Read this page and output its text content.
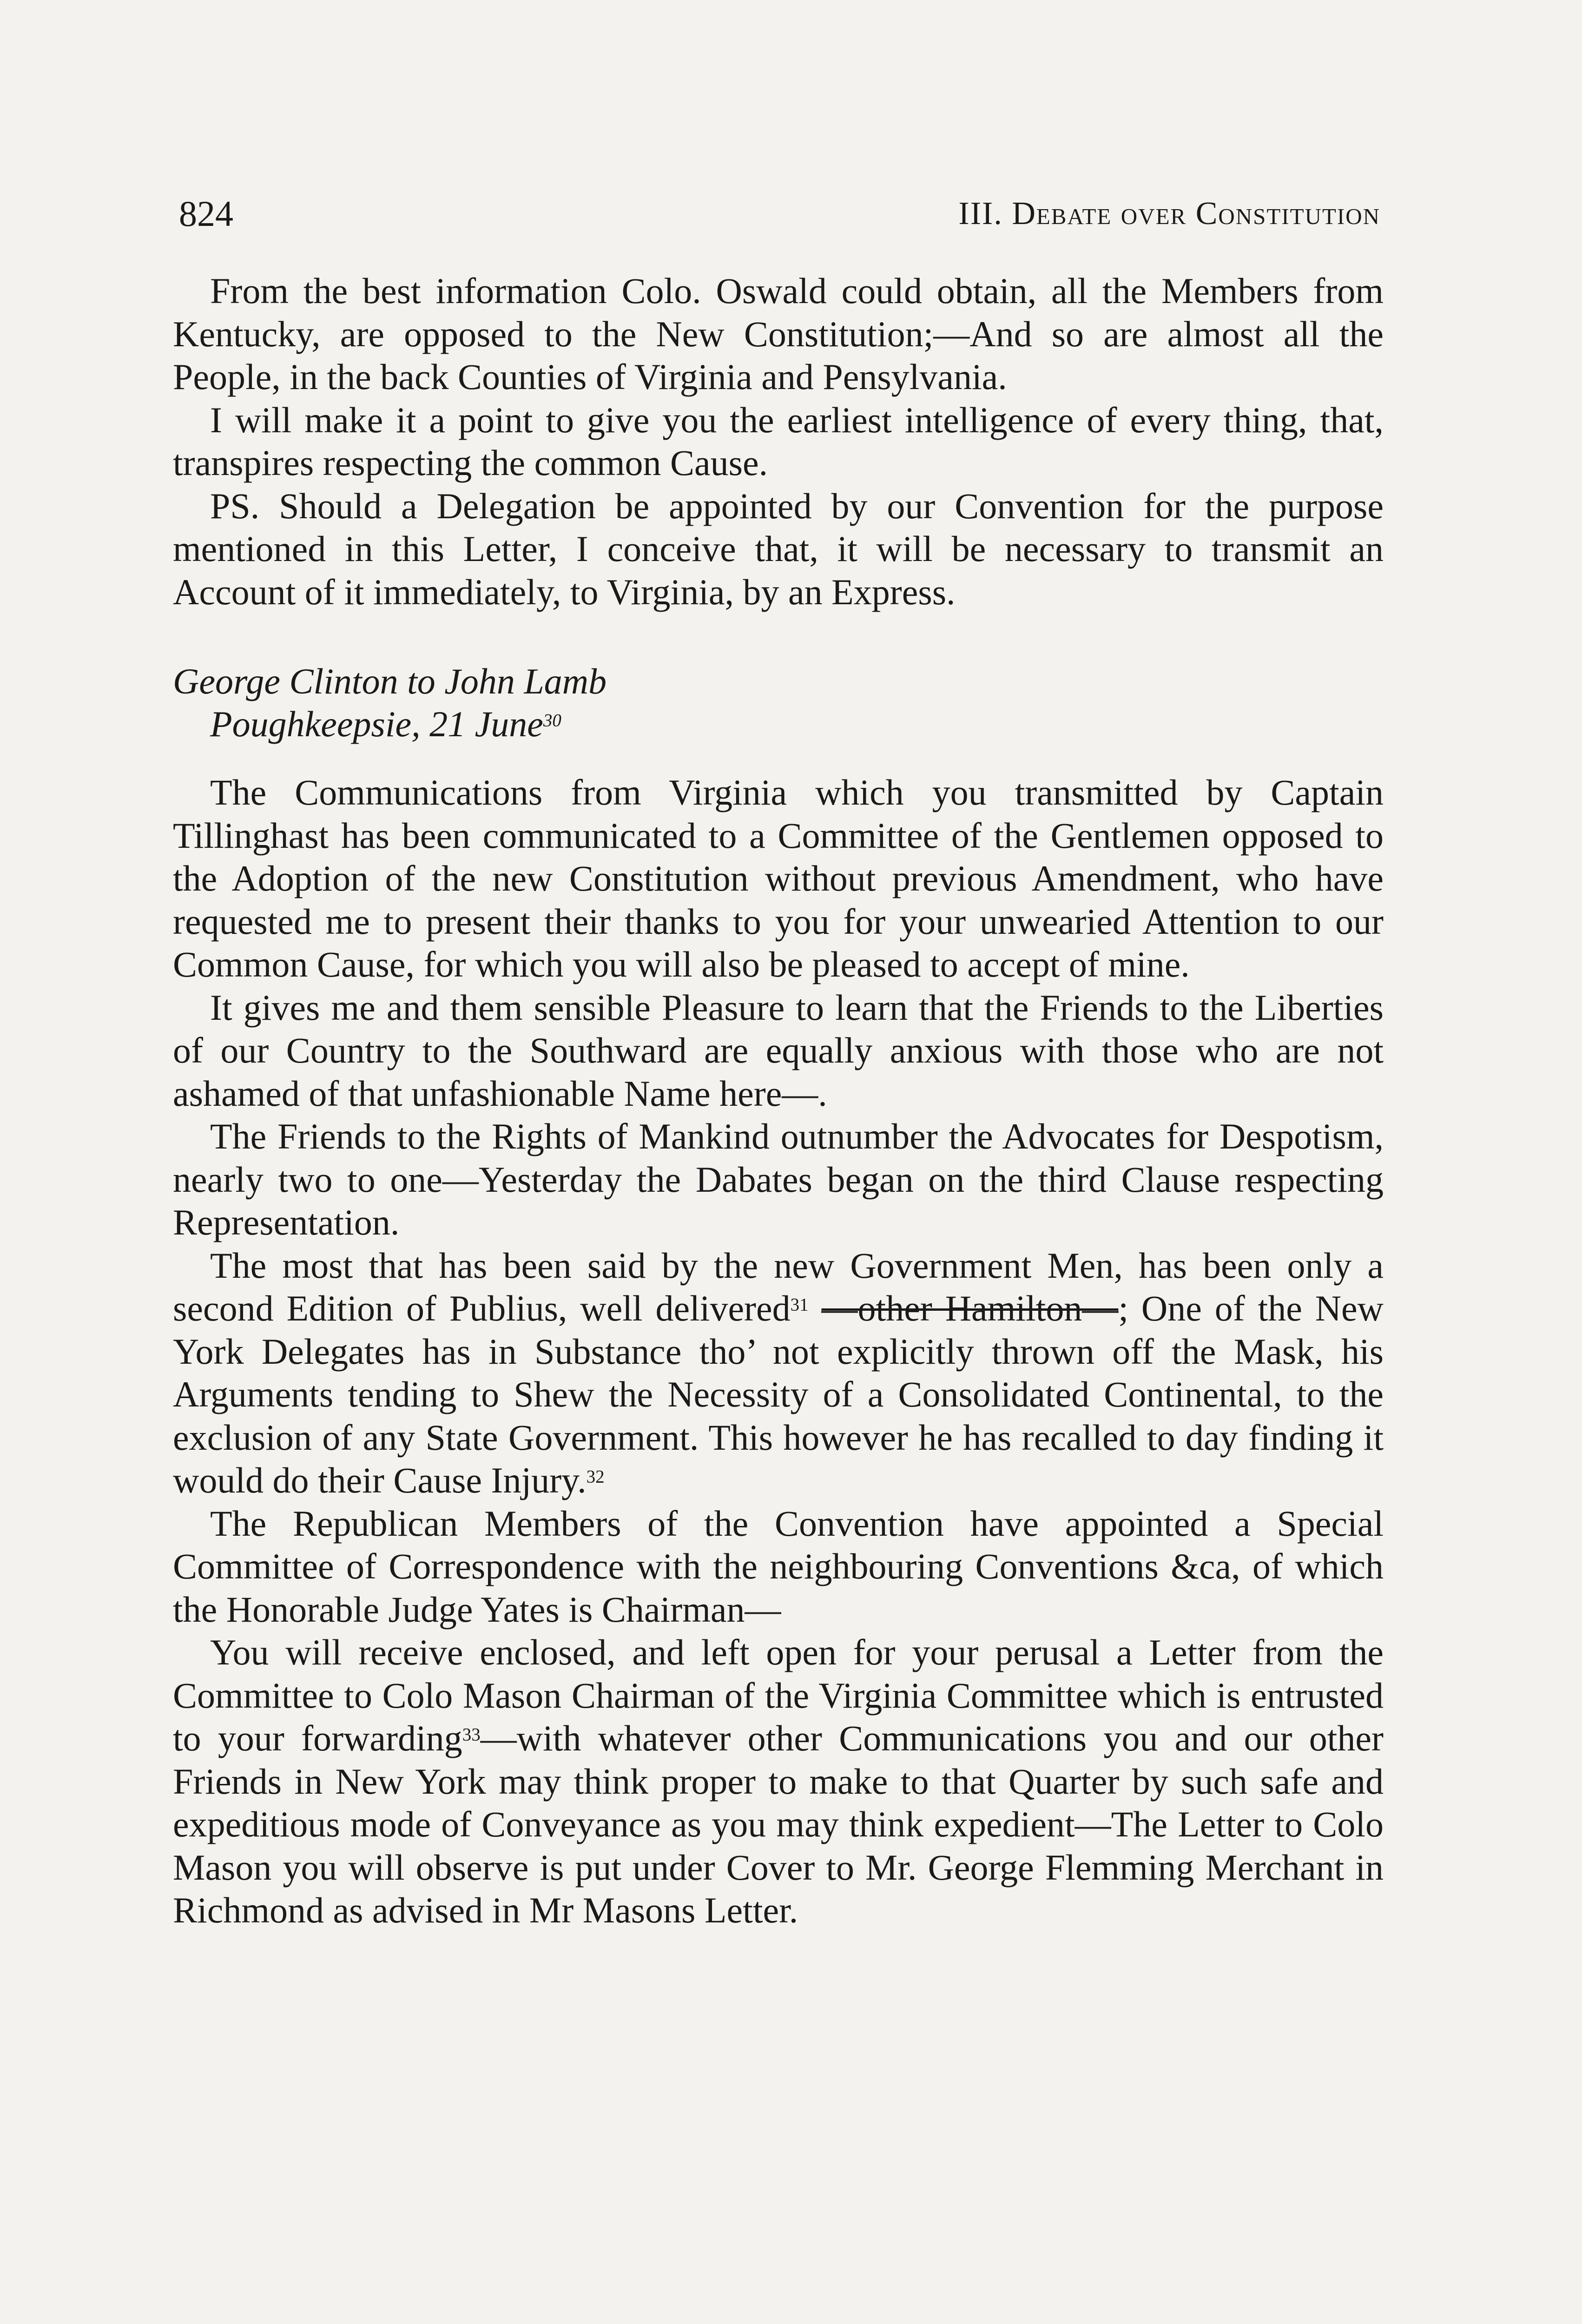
824	III. Debate over Constitution

From the best information Colo. Oswald could obtain, all the Members from Kentucky, are opposed to the New Constitution;—And so are almost all the People, in the back Counties of Virginia and Pensylvania.

I will make it a point to give you the earliest intelligence of every thing, that, transpires respecting the common Cause.

PS. Should a Delegation be appointed by our Convention for the purpose mentioned in this Letter, I conceive that, it will be necessary to transmit an Account of it immediately, to Virginia, by an Express.

George Clinton to John Lamb
Poughkeepsie, 21 June$^{30}$

The Communications from Virginia which you transmitted by Captain Tillinghast has been communicated to a Committee of the Gentlemen opposed to the Adoption of the new Constitution without previous Amendment, who have requested me to present their thanks to you for your unwearied Attention to our Common Cause, for which you will also be pleased to accept of mine.

It gives me and them sensible Pleasure to learn that the Friends to the Liberties of our Country to the Southward are equally anxious with those who are not ashamed of that unfashionable Name here—.

The Friends to the Rights of Mankind outnumber the Advocates for Despotism, nearly two to one—Yesterday the Dabates began on the third Clause respecting Representation.

The most that has been said by the new Government Men, has been only a second Edition of Publius, well delivered$^{31}$ —other Hamilton—; One of the New York Delegates has in Substance tho’ not explicitly thrown off the Mask, his Arguments tending to Shew the Necessity of a Consolidated Continental, to the exclusion of any State Government. This however he has recalled to day finding it would do their Cause Injury.$^{32}$

The Republican Members of the Convention have appointed a Special Committee of Correspondence with the neighbouring Conventions &ca, of which the Honorable Judge Yates is Chairman—

You will receive enclosed, and left open for your perusal a Letter from the Committee to Colo Mason Chairman of the Virginia Committee which is entrusted to your forwarding$^{33}$—with whatever other Communications you and our other Friends in New York may think proper to make to that Quarter by such safe and expeditious mode of Conveyance as you may think expedient—The Letter to Colo Mason you will observe is put under Cover to Mr. George Flemming Merchant in Richmond as advised in Mr Masons Letter.
